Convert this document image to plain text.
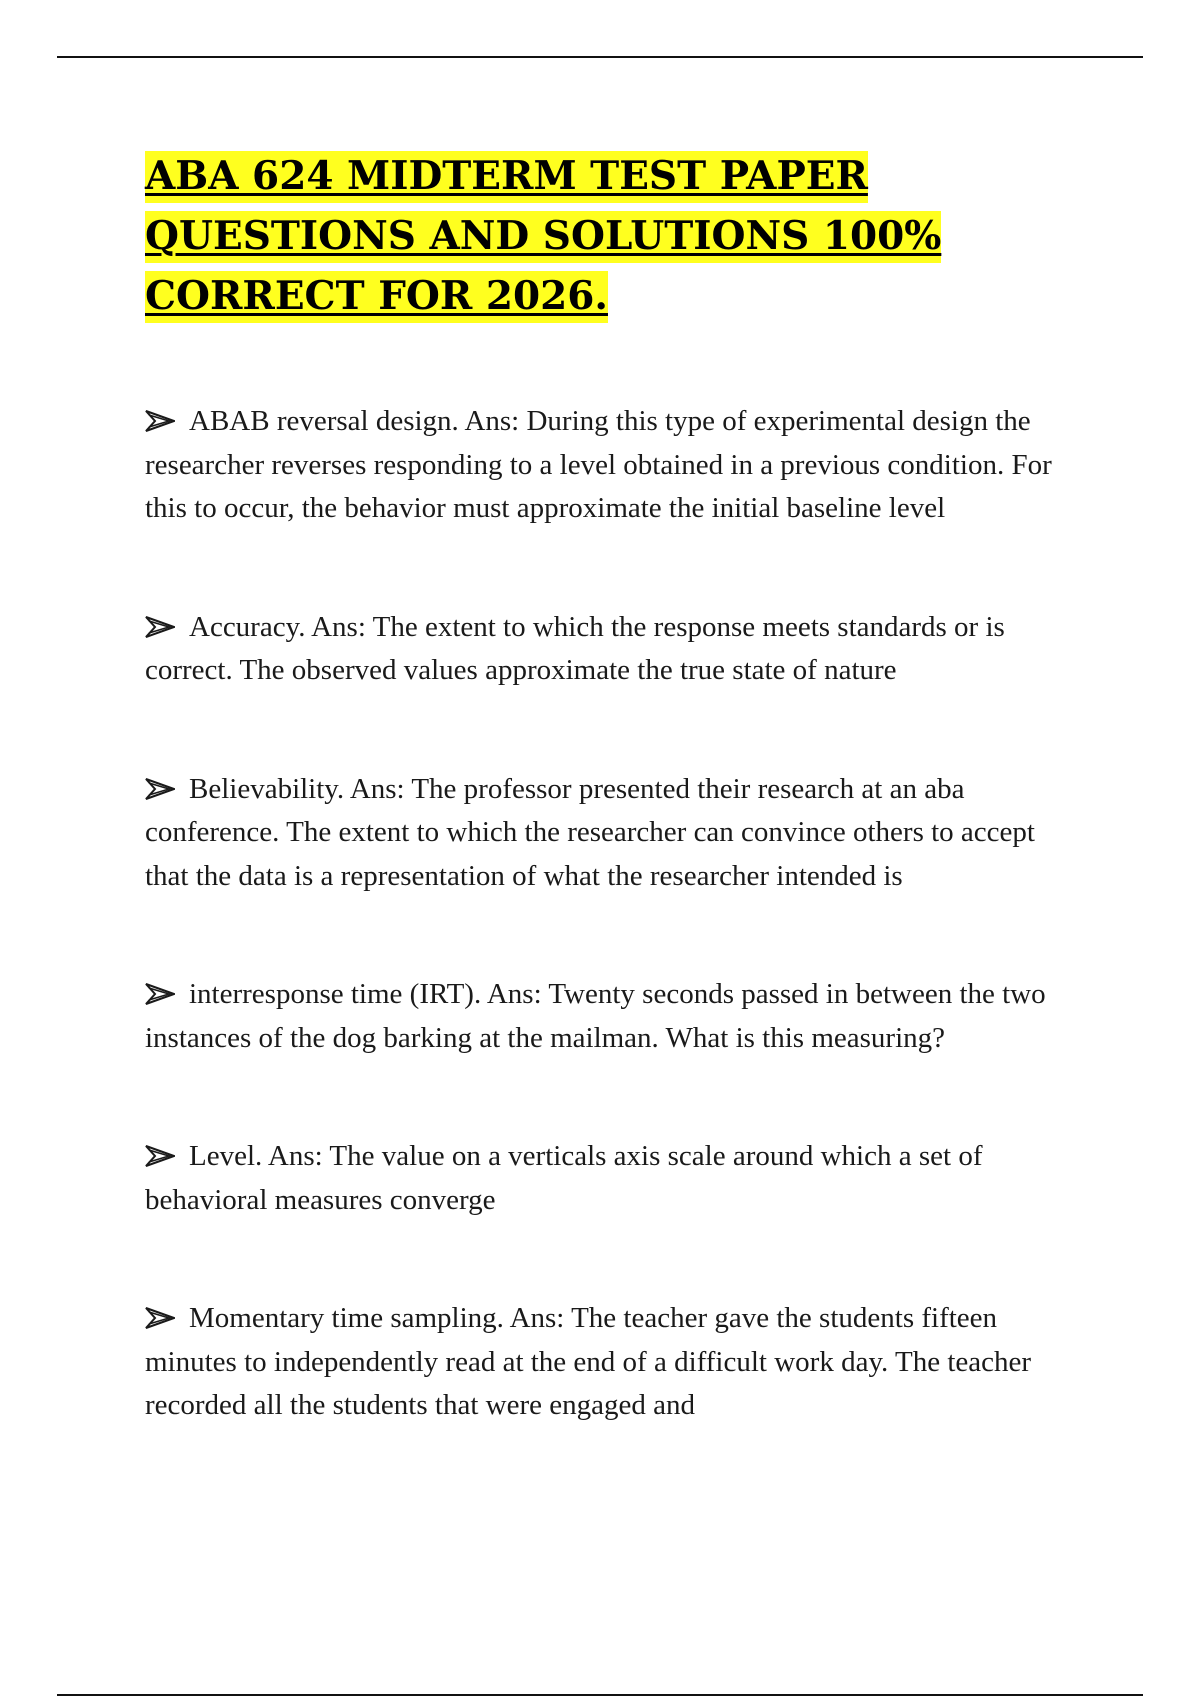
ABA 624 MIDTERM TEST PAPER QUESTIONS AND SOLUTIONS 100% CORRECT FOR 2026.

ABAB reversal design. Ans: During this type of experimental design the researcher reverses responding to a level obtained in a previous condition. For this to occur, the behavior must approximate the initial baseline level

Accuracy. Ans: The extent to which the response meets standards or is correct. The observed values approximate the true state of nature

Believability. Ans: The professor presented their research at an aba conference. The extent to which the researcher can convince others to accept that the data is a representation of what the researcher intended is

interresponse time (IRT). Ans: Twenty seconds passed in between the two instances of the dog barking at the mailman. What is this measuring?

Level. Ans: The value on a verticals axis scale around which a set of behavioral measures converge

Momentary time sampling. Ans: The teacher gave the students fifteen minutes to independently read at the end of a difficult work day. The teacher recorded all the students that were engaged and
